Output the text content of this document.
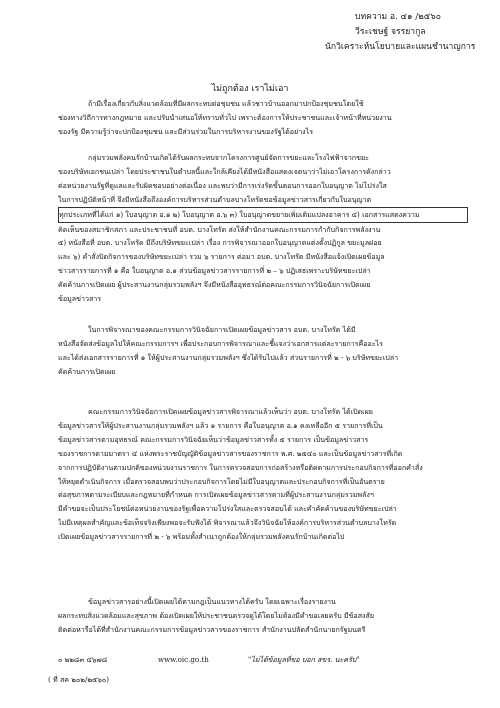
บทความ อ. ๔๑ /๒๕๖๐
วีระเชษฐ์ จรรยากูล
นักวิเคราะห์นโยบายและแผนชำนาญการ
ไม่ถูกต้อง เราไม่เอา
ถ้ามีเรื่องเกี่ยวกับสิ่งแวดล้อมที่มีผลกระทบต่อชุมชน แล้วชาวบ้านออกมาปกป้องชุมชนโดยใช้
ช่องทางวิถีการทางกฎหมาย และปรับนำเสนอให้ทราบทั่วไป เพราะต้องการให้ประชาชนและเจ้าหน้าที่หน่วยงาน
ของรัฐ มีความรู้ว่าจะปกป้องชุมชน และมีส่วนร่วมในการบริหารงานของรัฐได้อย่างไร
กลุ่มรวมพลังคนรักบ้านเกิดได้รับผลกระทบจากโครงการศูนย์จัดการขยะและโรงไฟฟ้าจากขยะ
ของบริษัทเอกชนเปล่า โดยประชาชนในตำบลนี้และใกล้เคียงได้มีหนังสือแสดงเจตนาว่าไม่เอาโครงการดังกล่าว
ต่อหน่วยงานรัฐที่ดูแลและรับผิดชอบอย่างต่อเนื่อง และพบว่ามีการเร่งรัดขั้นตอนการออกใบอนุญาต ไม่โปร่งใส
ในการปฏิบัติหน้าที่ จึงมีหนังสือถึงองค์การบริหารส่วนตำบลบางโทรัดขอข้อมูลข่าวสารเกี่ยวกับใบอนุญาต
ทุกประเภทที่ได้แก่ ๑) ใบอนุญาต อ.๑ ๒) ใบอนุญาต อ.๖ ๓) ใบอนุญาตขยายเพิ่มเติมแปลงอาคาร ๔) เอกสารแสดงความ
คิดเห็นของสมาชิกสภา และประชาชนที่ อบต. บางโทรัด ส่งให้สำนักงานคณะกรรมการกำกับกิจการพลังงาน
๕) หนังสือที่ อบต. บางโทรัด มีถึงบริษัทขยะเปล่า เรื่อง การพิจารณาออกใบอนุญาตแต่งตั้งปฏิกูล ขยะมูลฝอย
และ ๖) คำสั่งปิดกิจการของบริษัทขยะเปล่า รวม ๖ รายการ ต่อมา อบต. บางโทรัด มีหนังสือแจ้งเปิดเผยข้อมูล
ข่าวสารรายการที่ ๑ คือ ใบอนุญาต อ.๑ ส่วนข้อมูลข่าวสารรายการที่ ๒ – ๖ ปฏิเสธเพราะบริษัทขยะเปล่า
คัดค้านการเปิดเผย ผู้ประสานงานกลุ่มรวมพลังฯ จึงมีหนังสืออุทธรณ์ต่อคณะกรรมการวินิจฉัยการเปิดเผย
ข้อมูลข่าวสาร
ในการพิจารณาของคณะกรรมการวินิจฉัยการเปิดเผยข้อมูลข่าวสาร อบต. บางโทรัด ได้มี
หนังสือจัดส่งข้อมูลไปให้คณะกรรมการฯ เพื่อประกอบการพิจารณาและชี้แจงว่าเอกสารแต่ละรายการคืออะไร
และได้ส่งเอกสารรายการที่ ๑ ให้ผู้ประสานงานกลุ่มรวมพลังฯ ซึ่งได้รับไปแล้ว ส่วนรายการที่ ๒ - ๖ บริษัทขยะเปล่า
คัดค้านการเปิดเผย
คณะกรรมการวินิจฉัยการเปิดเผยข้อมูลข่าวสารพิจารณาแล้วเห็นว่า อบต. บางโทรัด ได้เปิดเผย
ข้อมูลข่าวสารให้ผู้ประสานงานกลุ่มรวมพลังฯ แล้ว ๑ รายการ คือใบอนุญาต อ.๑ คงเหลืออีก ๕ รายการที่เป็น
ข้อมูลข่าวสารตามอุทธรณ์ คณะกรรมการวินิจฉัยเห็นว่าข้อมูลข่าวสารทั้ง ๕ รายการ เป็นข้อมูลข่าวสาร
ของราชการตามมาตรา ๔ แห่งพระราชบัญญัติข้อมูลข่าวสารของราชการ พ.ศ. ๒๕๔๐ และเป็นข้อมูลข่าวสารที่เกิด
จากการปฏิบัติงานตามปกติของหน่วยงานราชการ ในการตรวจสอบการก่อสร้างหรือติดตามการประกอบกิจการที่ออกคำสั่ง
ให้หยุดดำเนินกิจการ เมื่อตรวจสอบพบว่าประกอบกิจการโดยไม่มีใบอนุญาตและประกอบกิจการที่เป็นอันตราย
ต่อสุขภาพตามระเบียบและกฎหมายที่กำหนด การเปิดเผยข้อมูลข่าวสารตามที่ผู้ประสานงานกลุ่มรวมพลังฯ
มีคำขอจะเป็นประโยชน์ต่อหน่วยงานของรัฐเพื่อความโปร่งใสและตรวจสอบได้ และคำคัดค้านของบริษัทขยะเปล่า
ไม่มีเหตุผลสำคัญและข้อเท็จจริงเพียงพอจะรับฟังได้ พิจารณาแล้วจึงวินิจฉัยให้องค์การบริหารส่วนตำบลบางโทรัด
เปิดเผยข้อมูลข่าวสารรายการที่ ๒ - ๖ พร้อมทั้งสำเนาถูกต้องให้กลุ่มรวมพลังคนรักบ้านเกิดต่อไป
ข้อมูลข่าวสารอย่างนี้เปิดเผยได้ตามกฎเป็นแนวทางได้ครับ โดยเฉพาะเรื่องรายงาน
ผลกระทบสิ่งแวดล้อมและสุขภาพ ต้องเปิดเผยให้ประชาชนตรวจดูได้โดยไม่ต้องมีคำขอเลยครับ มีข้อสงสัย
ติดต่อหารือได้ที่สำนักงานคณะกรรมการข้อมูลข่าวสารของราชการ สำนักงานปลัดสำนักนายกรัฐมนตรี
๐ ๒๒๘๓ ๔๖๗๘	www.oic.go.th	"ไม่ได้ข้อมูลที่ขอ บอก สขร. นะครับ"
( ที่ สค ๒๐๒/๒๕๖๐)
